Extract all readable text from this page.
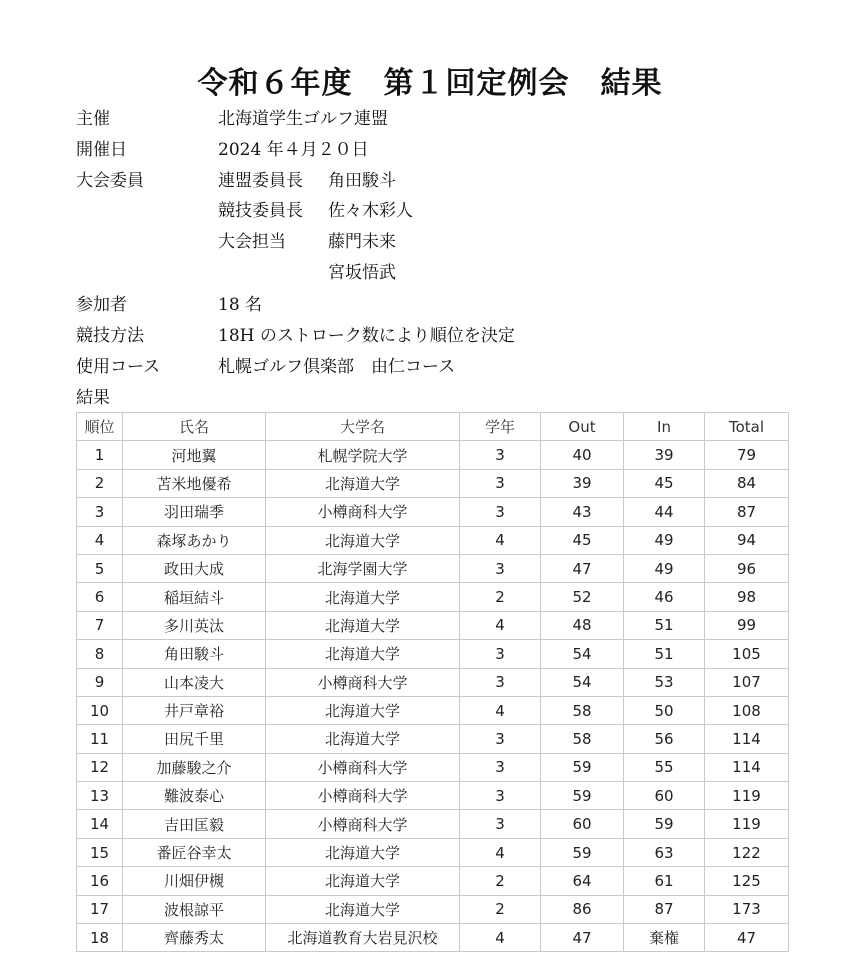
令和６年度　第１回定例会　結果
主催	北海道学生ゴルフ連盟
開催日	2024 年４月２０日
大会委員	連盟委員長 角田駿斗
競技委員長 佐々木彩人
大会担当 藤門未来
宮坂悟武
参加者	18 名
競技方法	18H のストローク数により順位を決定
使用コース	札幌ゴルフ倶楽部　由仁コース
結果
順位	氏名	大学名	学年	Out	In	Total
1	河地翼	札幌学院大学	3	40	39	79
2	苫米地優希	北海道大学	3	39	45	84
3	羽田瑞季	小樽商科大学	3	43	44	87
4	森塚あかり	北海道大学	4	45	49	94
5	政田大成	北海学園大学	3	47	49	96
6	稲垣結斗	北海道大学	2	52	46	98
7	多川英汰	北海道大学	4	48	51	99
8	角田駿斗	北海道大学	3	54	51	105
9	山本凌大	小樽商科大学	3	54	53	107
10	井戸章裕	北海道大学	4	58	50	108
11	田尻千里	北海道大学	3	58	56	114
12	加藤駿之介	小樽商科大学	3	59	55	114
13	難波泰心	小樽商科大学	3	59	60	119
14	吉田匡毅	小樽商科大学	3	60	59	119
15	番匠谷幸太	北海道大学	4	59	63	122
16	川畑伊槻	北海道大学	2	64	61	125
17	波根諒平	北海道大学	2	86	87	173
18	齊藤秀太	北海道教育大岩見沢校	4	47	棄権	47
